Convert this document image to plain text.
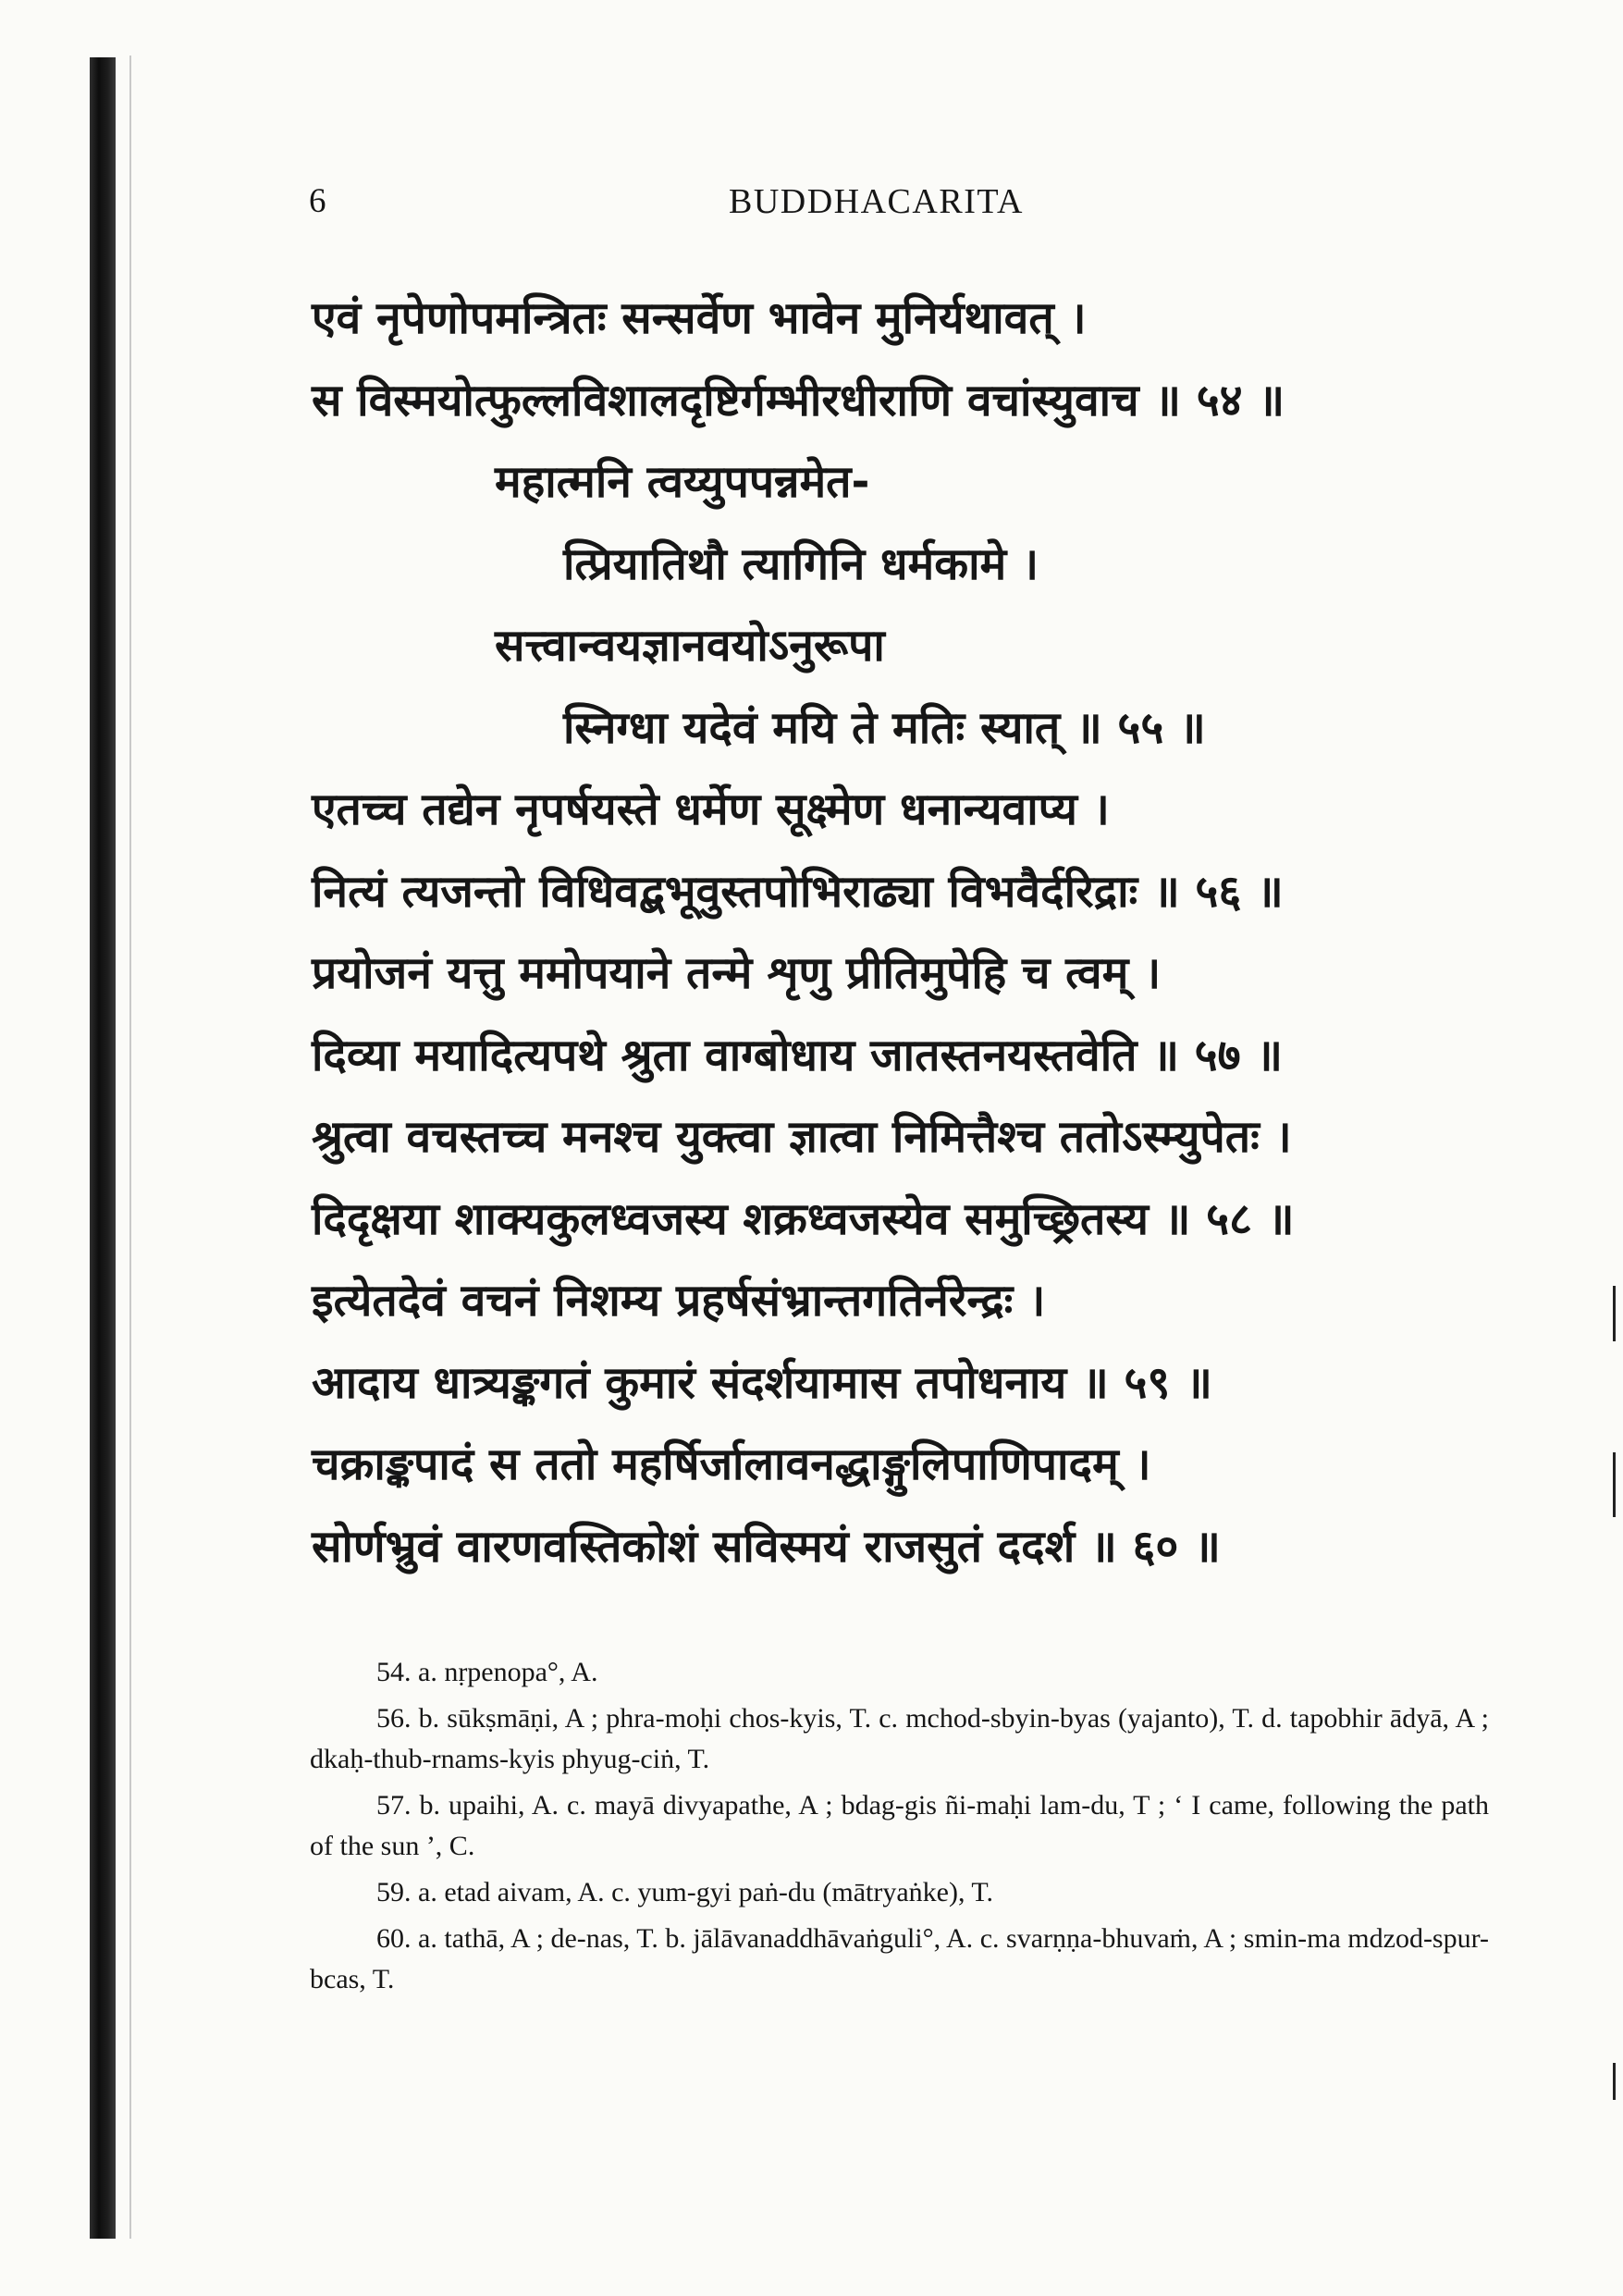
6	BUDDHACARITA
एवं नृपेणोपमन्त्रितः सन्सर्वेण भावेन मुनिर्यथावत् ।
स विस्मयोत्फुल्लविशालदृष्टिर्गम्भीरधीराणि वचांस्युवाच ॥ ५४ ॥
महात्मनि त्वय्युपपन्नमेत-
त्प्रियातिथौ त्यागिनि धर्मकामे ।
सत्त्वान्वयज्ञानवयोऽनुरूपा
स्निग्धा यदेवं मयि ते मतिः स्यात् ॥ ५५ ॥
एतच्च तद्येन नृपर्षयस्ते धर्मेण सूक्ष्मेण धनान्यवाप्य ।
नित्यं त्यजन्तो विधिवद्बभूवुस्तपोभिराढ्या विभवैर्दरिद्राः ॥ ५६ ॥
प्रयोजनं यत्तु ममोपयाने तन्मे शृणु प्रीतिमुपेहि च त्वम् ।
दिव्या मयादित्यपथे श्रुता वाग्बोधाय जातस्तनयस्तवेति ॥ ५७ ॥
श्रुत्वा वचस्तच्च मनश्च युक्त्वा ज्ञात्वा निमित्तैश्च ततोऽस्म्युपेतः ।
दिदृक्षया शाक्यकुलध्वजस्य शक्रध्वजस्येव समुच्छ्रितस्य ॥ ५८ ॥
इत्येतदेवं वचनं निशम्य प्रहर्षसंभ्रान्तगतिर्नरेन्द्रः ।
आदाय धात्र्यङ्कगतं कुमारं संदर्शयामास तपोधनाय ॥ ५९ ॥
चक्राङ्कपादं स ततो महर्षिर्जालावनद्धाङ्गुलिपाणिपादम् ।
सोर्णभ्रुवं वारणवस्तिकोशं सविस्मयं राजसुतं ददर्श ॥ ६० ॥
54. a. nṛpenopa°, A.
56. b. sūkṣmāṇi, A ; phra-moḥi chos-kyis, T. c. mchod-sbyin-byas (yajanto), T. d. tapobhir ādyā, A ; dkaḥ-thub-rnams-kyis phyug-ciṅ, T.
57. b. upaihi, A. c. mayā divyapathe, A ; bdag-gis ñi-maḥi lam-du, T ; ‘ I came, following the path of the sun ’, C.
59. a. etad aivam, A. c. yum-gyi paṅ-du (mātryaṅke), T.
60. a. tathā, A ; de-nas, T. b. jālāvanaddhāvaṅguli°, A. c. svarṇṇa-bhuvaṁ, A ; smin-ma mdzod-spur-bcas, T.
